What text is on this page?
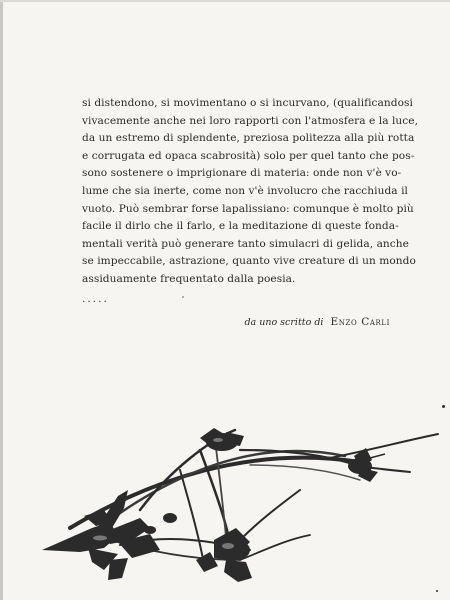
si distendono, si movimentano o si incurvano, (qualificandosi
vivacemente anche nei loro rapporti con l'atmosfera e la luce,
da un estremo di splendente, preziosa politezza alla più rotta
e corrugata ed opaca scabrosità) solo per quel tanto che pos-
sono sostenere o imprigionare di materia: onde non v'è vo-
lume che sia inerte, come non v'è involucro che racchiuda il
vuoto. Può sembrar forse lapalissiano: comunque è molto più
facile il dirlo che il farlo, e la meditazione di queste fonda-
mentali verità può generare tanto simulacri di gelida, anche
se impeccabile, astrazione, quanto vive creature di un mondo
assiduamente frequentato dalla poesia.
.....
da uno scritto di Enzo Carli
